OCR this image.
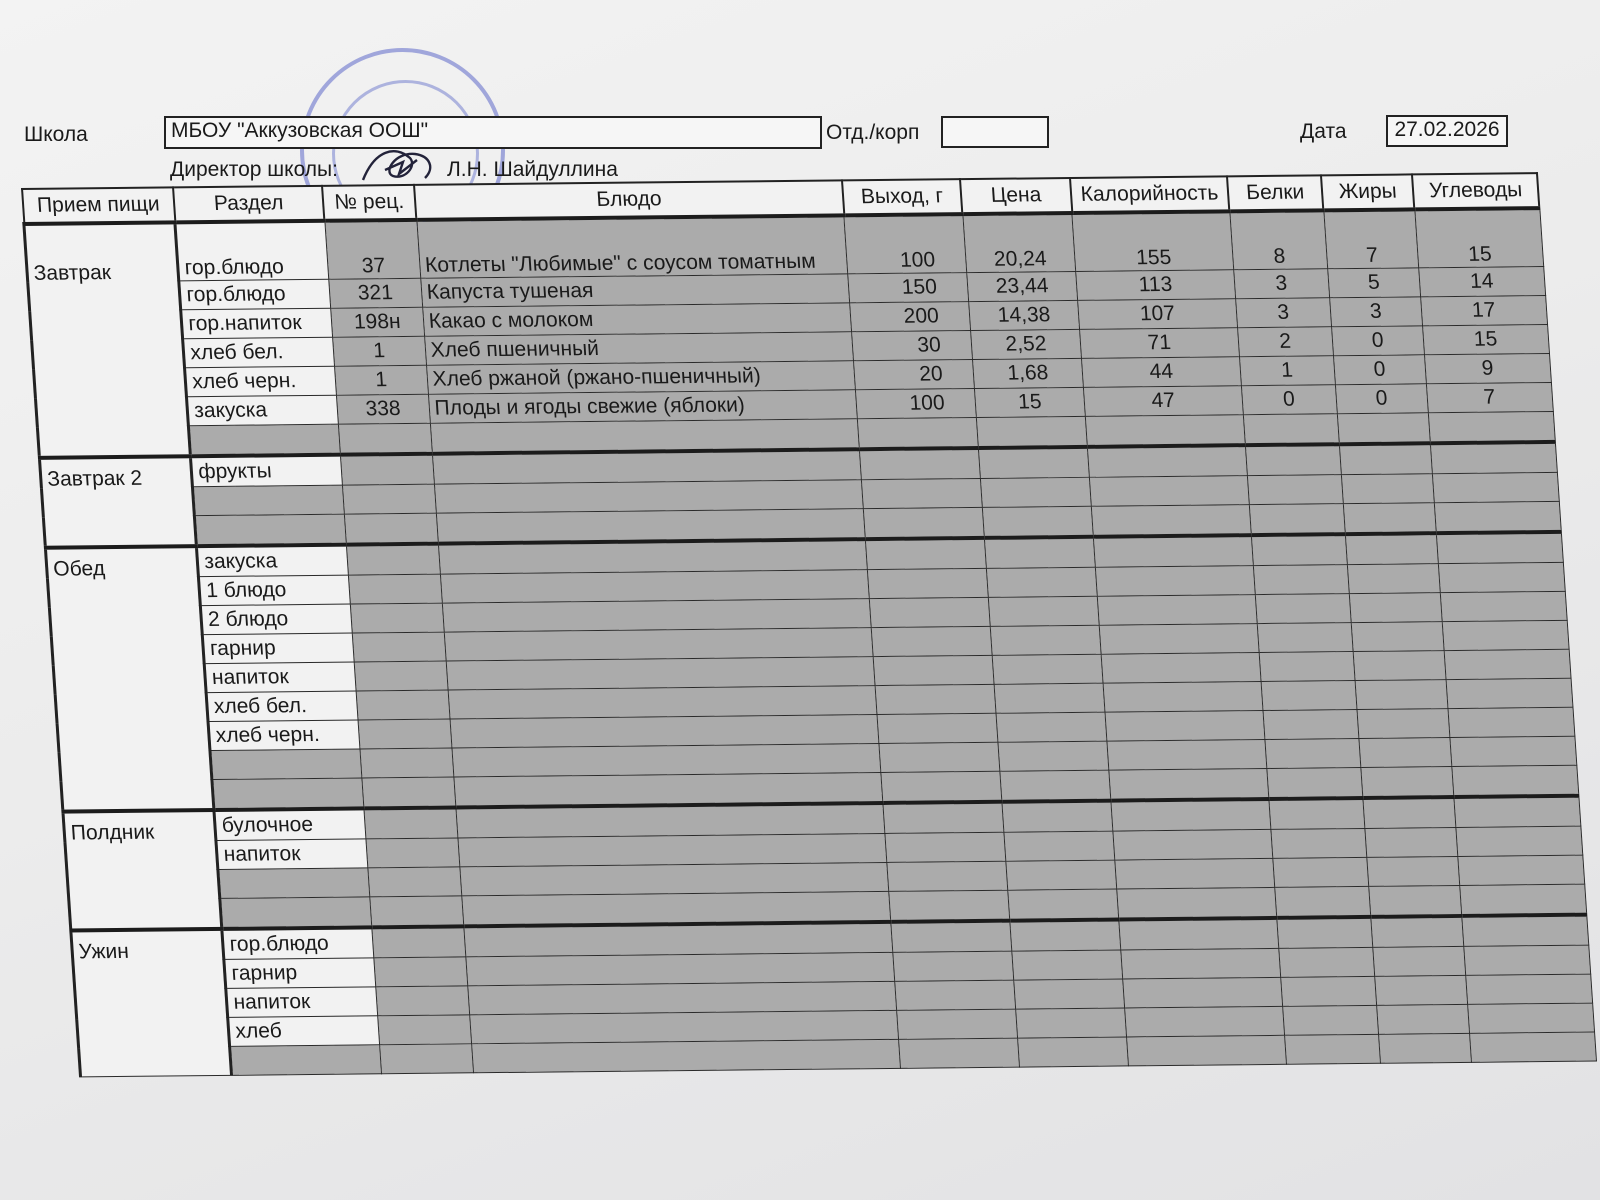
Школа	МБОУ "Аккузовская ООШ"	Отд./корп	Дата	27.02.2026
Директор школы:	Л.Н. Шайдуллина
Прием пищи	Раздел	№ рец.	Блюдо	Выход, г	Цена	Калорийность	Белки	Жиры	Углеводы
Завтрак	гор.блюдо	37	Котлеты "Любимые" с соусом томатным	100	20,24	155	8	7	15
	гор.блюдо	321	Капуста тушеная	150	23,44	113	3	5	14
	гор.напиток	198н	Какао с молоком	200	14,38	107	3	3	17
	хлеб бел.	1	Хлеб пшеничный	30	2,52	71	2	0	15
	хлеб черн.	1	Хлеб ржаной (ржано-пшеничный)	20	1,68	44	1	0	9
	закуска	338	Плоды и ягоды свежие (яблоки)	100	15	47	0	0	7

Завтрак 2	фрукты								

Обед	закуска								
	1 блюдо								
	2 блюдо								
	гарнир								
	напиток								
	хлеб бел.								
	хлеб черн.								

Полдник	булочное								
	напиток								

Ужин	гор.блюдо								
	гарнир								
	напиток								
	хлеб								
